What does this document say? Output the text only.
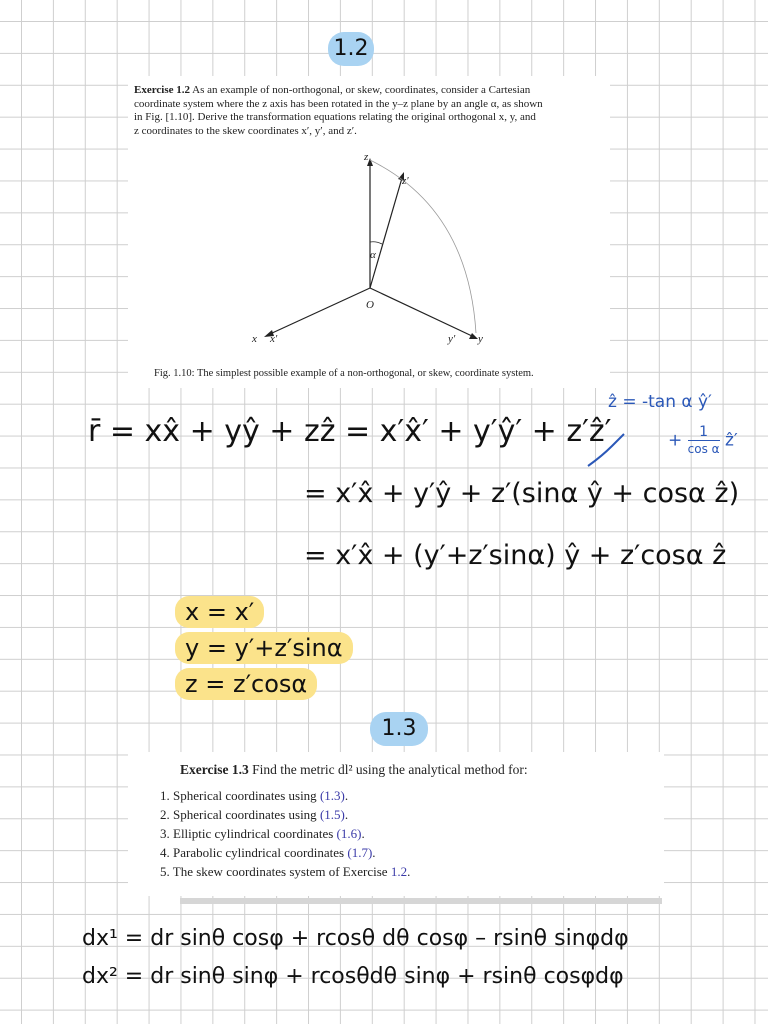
1.2
Exercise 1.2 As an example of non-orthogonal, or skew, coordinates, consider a Cartesian
coordinate system where the z axis has been rotated in the y–z plane by an angle α, as shown
in Fig. [1.10]. Derive the transformation equations relating the original orthogonal x, y, and
z coordinates to the skew coordinates x′, y′, and z′.
z
z′
α
O
x x′	y′ y
Fig. 1.10: The simplest possible example of a non-orthogonal, or skew, coordinate system.
ẑ = -tan α ŷ′
+ $\frac{1}{\text{cos α}}$ ẑ′
r̄ = xx̂ + yŷ + zẑ = x′x̂′ + y′ŷ′ + z′ẑ′
= x′x̂ + y′ŷ + z′(sinα ŷ + cosα ẑ)
= x′x̂ + (y′+z′sinα) ŷ + z′cosα ẑ
x = x′
y = y′+z′sinα
z = z′cosα
1.3
Exercise 1.3 Find the metric dl² using the analytical method for:
1. Spherical coordinates using (1.3).
2. Spherical coordinates using (1.5).
3. Elliptic cylindrical coordinates (1.6).
4. Parabolic cylindrical coordinates (1.7).
5. The skew coordinates system of Exercise 1.2.
dx¹ = dr sinθ cosφ + rcosθ dθ cosφ – rsinθ sinφdφ
dx² = dr sinθ sinφ + rcosθdθ sinφ + rsinθ cosφdφ
